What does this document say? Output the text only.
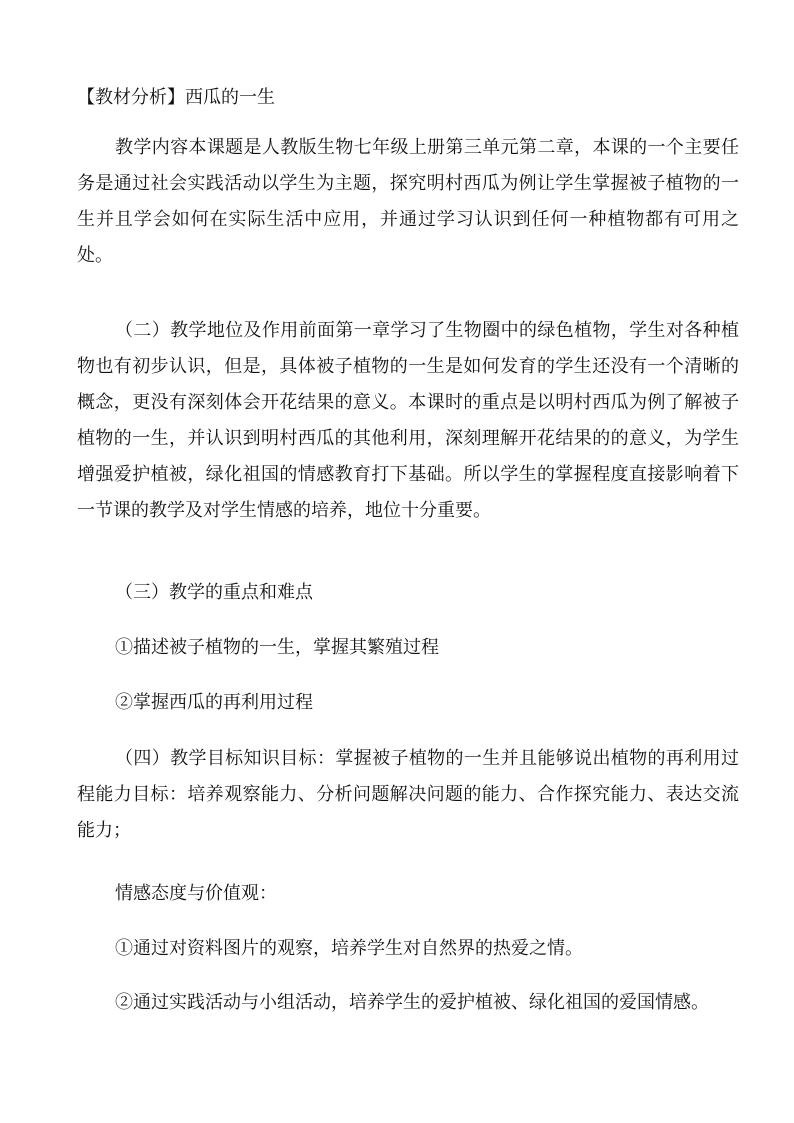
【教材分析】西瓜的一生

教学内容本课题是人教版生物七年级上册第三单元第二章，本课的一个主要任务是通过社会实践活动以学生为主题，探究明村西瓜为例让学生掌握被子植物的一生并且学会如何在实际生活中应用，并通过学习认识到任何一种植物都有可用之处。

（二）教学地位及作用前面第一章学习了生物圈中的绿色植物，学生对各种植物也有初步认识，但是，具体被子植物的一生是如何发育的学生还没有一个清晰的概念，更没有深刻体会开花结果的意义。本课时的重点是以明村西瓜为例了解被子植物的一生，并认识到明村西瓜的其他利用，深刻理解开花结果的的意义，为学生增强爱护植被，绿化祖国的情感教育打下基础。所以学生的掌握程度直接影响着下一节课的教学及对学生情感的培养，地位十分重要。

（三）教学的重点和难点

①描述被子植物的一生，掌握其繁殖过程

②掌握西瓜的再利用过程

（四）教学目标知识目标：掌握被子植物的一生并且能够说出植物的再利用过程能力目标：培养观察能力、分析问题解决问题的能力、合作探究能力、表达交流能力；

情感态度与价值观：

①通过对资料图片的观察，培养学生对自然界的热爱之情。

②通过实践活动与小组活动，培养学生的爱护植被、绿化祖国的爱国情感。
